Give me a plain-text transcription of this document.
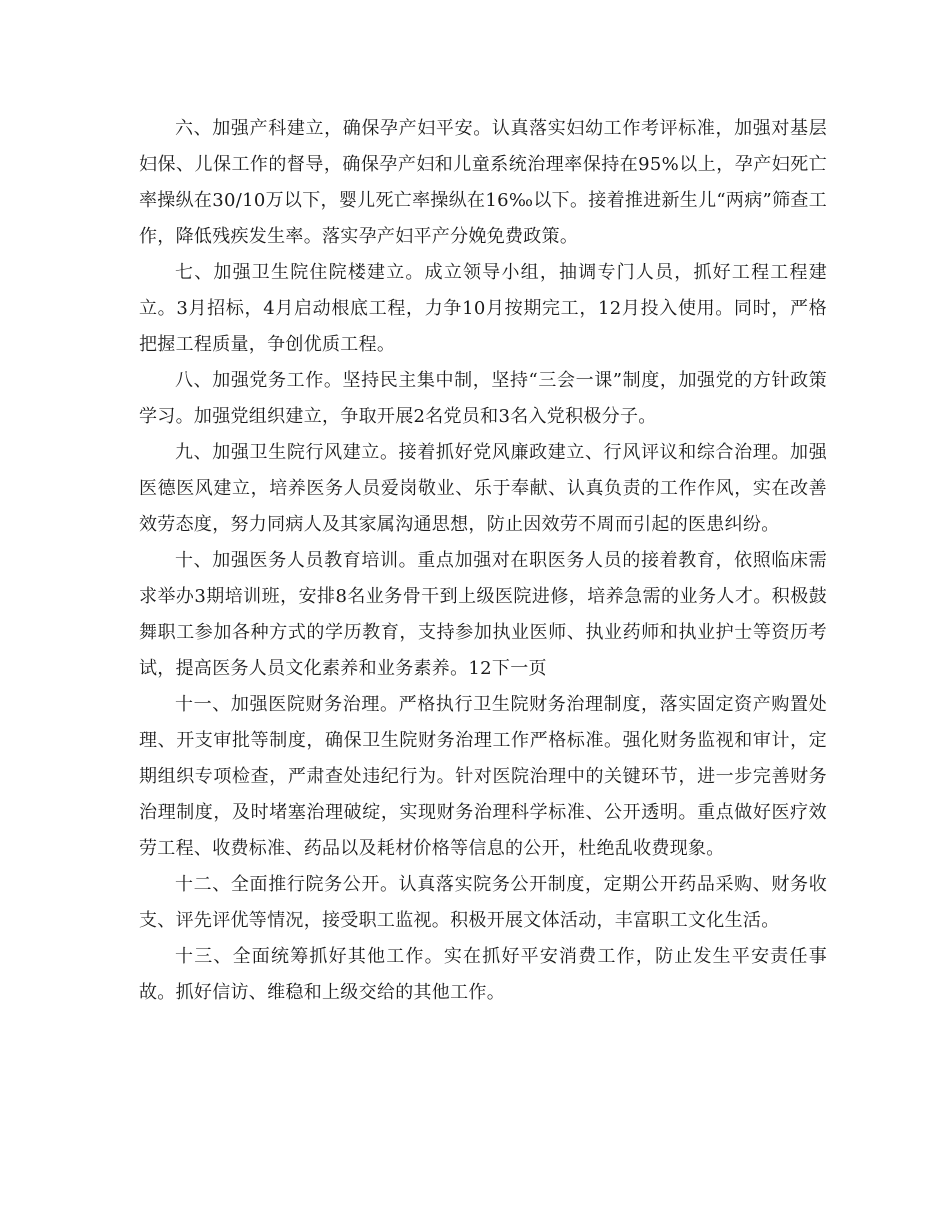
六、加强产科建立，确保孕产妇平安。认真落实妇幼工作考评标准，加强对基层妇保、儿保工作的督导，确保孕产妇和儿童系统治理率保持在95%以上，孕产妇死亡率操纵在30/10万以下，婴儿死亡率操纵在16‰以下。接着推进新生儿“两病”筛查工作，降低残疾发生率。落实孕产妇平产分娩免费政策。

七、加强卫生院住院楼建立。成立领导小组，抽调专门人员，抓好工程工程建立。3月招标，4月启动根底工程，力争10月按期完工，12月投入使用。同时，严格把握工程质量，争创优质工程。

八、加强党务工作。坚持民主集中制，坚持“三会一课”制度，加强党的方针政策学习。加强党组织建立，争取开展2名党员和3名入党积极分子。

九、加强卫生院行风建立。接着抓好党风廉政建立、行风评议和综合治理。加强医德医风建立，培养医务人员爱岗敬业、乐于奉献、认真负责的工作作风，实在改善效劳态度，努力同病人及其家属沟通思想，防止因效劳不周而引起的医患纠纷。

十、加强医务人员教育培训。重点加强对在职医务人员的接着教育，依照临床需求举办3期培训班，安排8名业务骨干到上级医院进修，培养急需的业务人才。积极鼓舞职工参加各种方式的学历教育，支持参加执业医师、执业药师和执业护士等资历考试，提高医务人员文化素养和业务素养。12下一页

十一、加强医院财务治理。严格执行卫生院财务治理制度，落实固定资产购置处理、开支审批等制度，确保卫生院财务治理工作严格标准。强化财务监视和审计，定期组织专项检查，严肃查处违纪行为。针对医院治理中的关键环节，进一步完善财务治理制度，及时堵塞治理破绽，实现财务治理科学标准、公开透明。重点做好医疗效劳工程、收费标准、药品以及耗材价格等信息的公开，杜绝乱收费现象。

十二、全面推行院务公开。认真落实院务公开制度，定期公开药品采购、财务收支、评先评优等情况，接受职工监视。积极开展文体活动，丰富职工文化生活。

十三、全面统筹抓好其他工作。实在抓好平安消费工作，防止发生平安责任事故。抓好信访、维稳和上级交给的其他工作。
